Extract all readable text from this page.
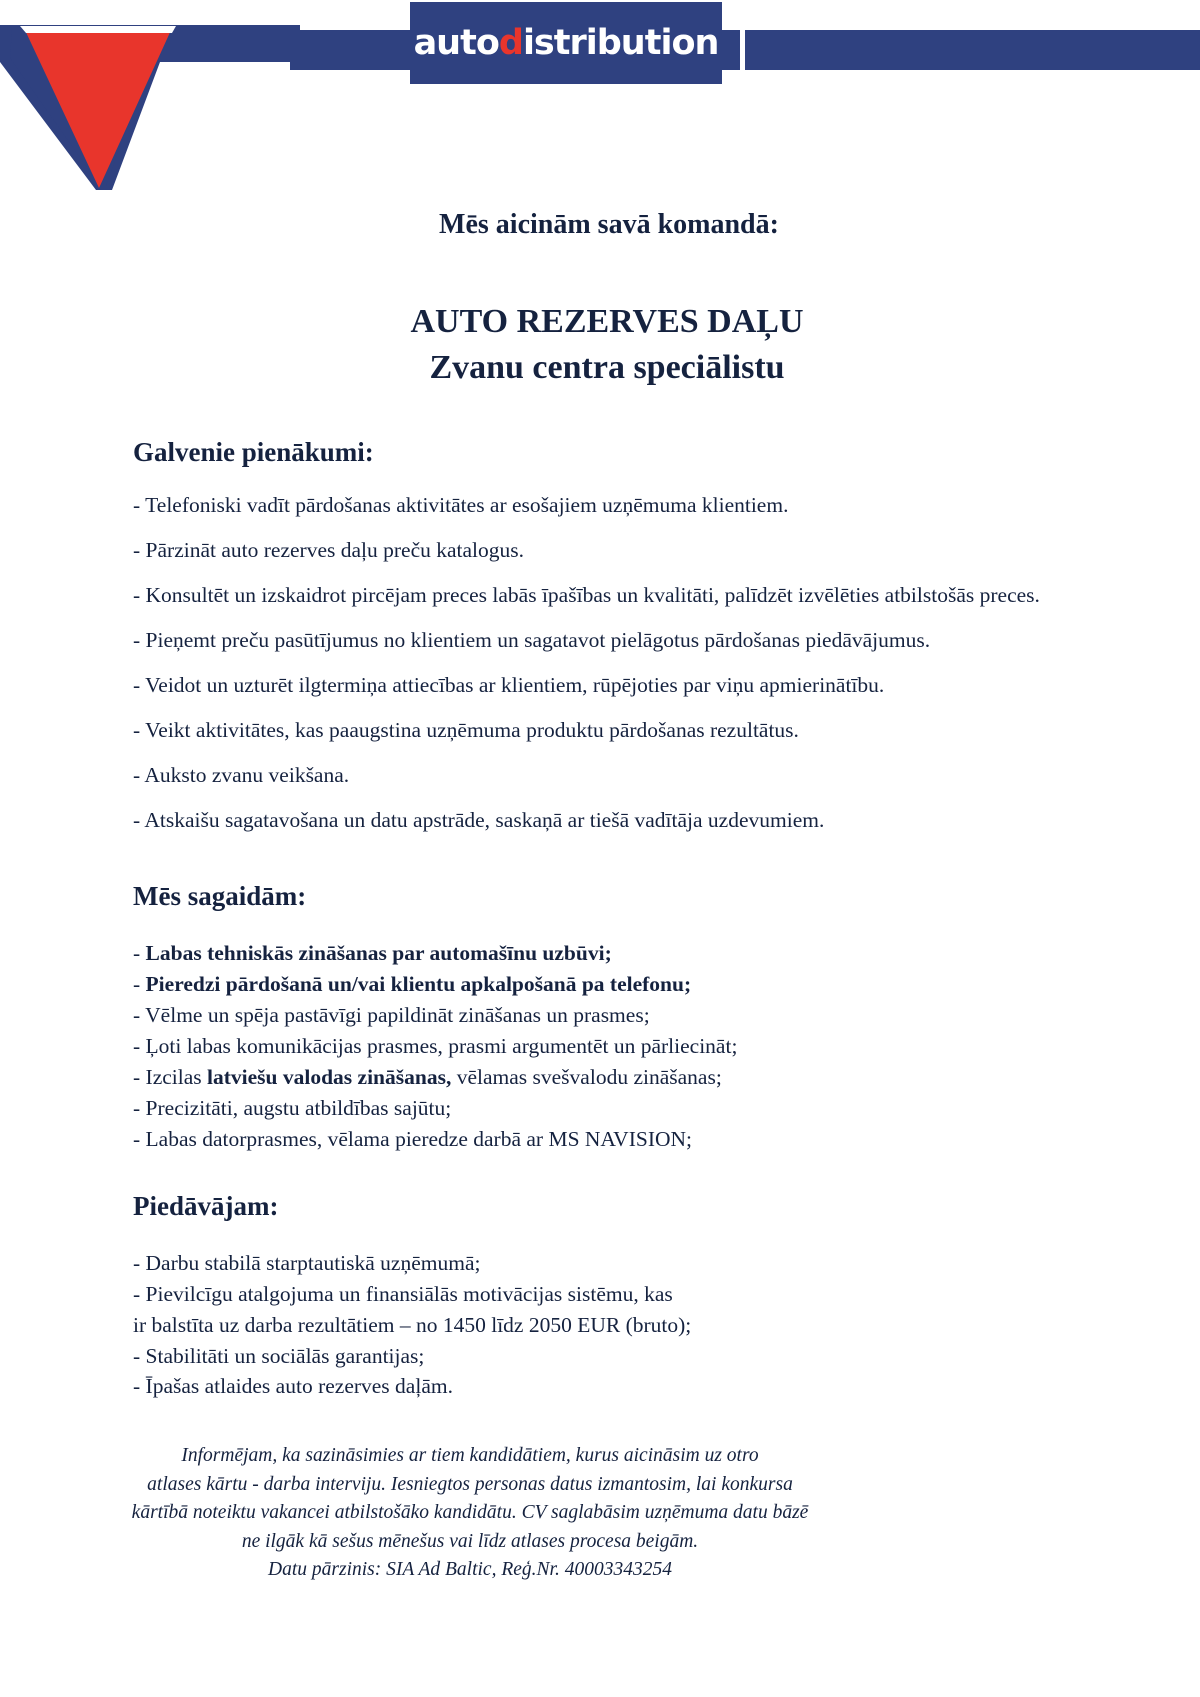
autodistribution
Mēs aicinām savā komandā:
AUTO REZERVES DAĻU
Zvanu centra speciālistu
Galvenie pienākumi:
- Telefoniski vadīt pārdošanas aktivitātes ar esošajiem uzņēmuma klientiem.
- Pārzināt auto rezerves daļu preču katalogus.
- Konsultēt un izskaidrot pircējam preces labās īpašības un kvalitāti, palīdzēt izvēlēties atbilstošās preces.
- Pieņemt preču pasūtījumus no klientiem un sagatavot pielāgotus pārdošanas piedāvājumus.
- Veidot un uzturēt ilgtermiņa attiecības ar klientiem, rūpējoties par viņu apmierinātību.
- Veikt aktivitātes, kas paaugstina uzņēmuma produktu pārdošanas rezultātus.
- Auksto zvanu veikšana.
- Atskaišu sagatavošana un datu apstrāde, saskaņā ar tiešā vadītāja uzdevumiem.
Mēs sagaidām:
- Labas tehniskās zināšanas par automašīnu uzbūvi;
- Pieredzi pārdošanā un/vai klientu apkalpošanā pa telefonu;
- Vēlme un spēja pastāvīgi papildināt zināšanas un prasmes;
- Ļoti labas komunikācijas prasmes, prasmi argumentēt un pārliecināt;
- Izcilas latviešu valodas zināšanas, vēlamas svešvalodu zināšanas;
- Precizitāti, augstu atbildības sajūtu;
- Labas datorprasmes, vēlama pieredze darbā ar MS NAVISION;
Piedāvājam:
- Darbu stabilā starptautiskā uzņēmumā;
- Pievilcīgu atalgojuma un finansiālās motivācijas sistēmu, kas
ir balstīta uz darba rezultātiem – no 1450 līdz 2050 EUR (bruto);
- Stabilitāti un sociālās garantijas;
- Īpašas atlaides auto rezerves daļām.
Informējam, ka sazināsimies ar tiem kandidātiem, kurus aicināsim uz otro
atlases kārtu - darba interviju. Iesniegtos personas datus izmantosim, lai konkursa
kārtībā noteiktu vakancei atbilstošāko kandidātu. CV saglabāsim uzņēmuma datu bāzē
ne ilgāk kā sešus mēnešus vai līdz atlases procesa beigām.
Datu pārzinis: SIA Ad Baltic, Reģ.Nr. 40003343254
